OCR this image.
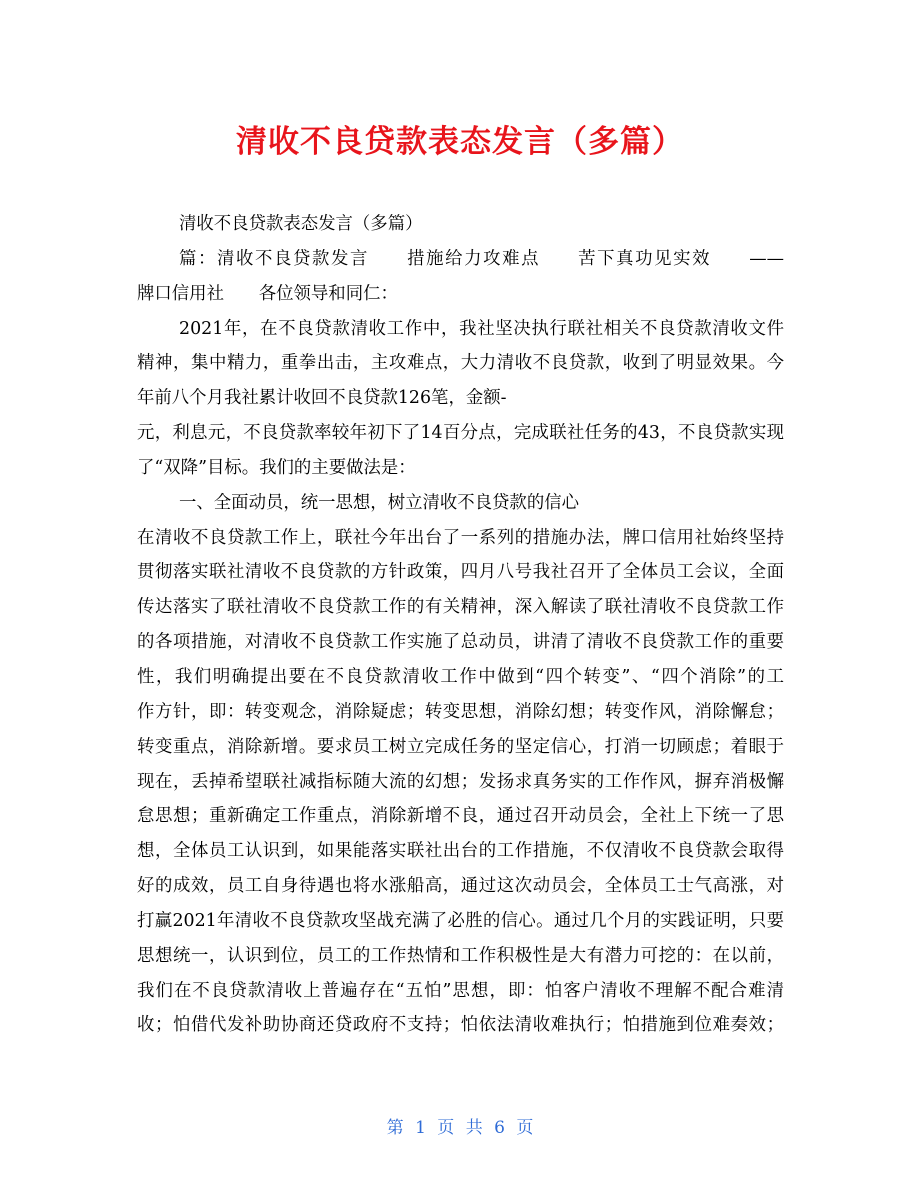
清收不良贷款表态发言（多篇）
清收不良贷款表态发言（多篇）
篇：清收不良贷款发言　　措施给力攻难点　　苦下真功见实效　　——
牌口信用社　　各位领导和同仁：
2021年，在不良贷款清收工作中，我社坚决执行联社相关不良贷款清收文件
精神，集中精力，重拳出击，主攻难点，大力清收不良贷款，收到了明显效果。今
年前八个月我社累计收回不良贷款126笔，金额-
元，利息元，不良贷款率较年初下了14百分点，完成联社任务的43，不良贷款实现
了“双降”目标。我们的主要做法是：
一、全面动员，统一思想，树立清收不良贷款的信心
在清收不良贷款工作上，联社今年出台了一系列的措施办法，牌口信用社始终坚持
贯彻落实联社清收不良贷款的方针政策，四月八号我社召开了全体员工会议，全面
传达落实了联社清收不良贷款工作的有关精神，深入解读了联社清收不良贷款工作
的各项措施，对清收不良贷款工作实施了总动员，讲清了清收不良贷款工作的重要
性，我们明确提出要在不良贷款清收工作中做到“四个转变”、“四个消除”的工
作方针，即：转变观念，消除疑虑；转变思想，消除幻想；转变作风，消除懈怠；
转变重点，消除新增。要求员工树立完成任务的坚定信心，打消一切顾虑；着眼于
现在，丢掉希望联社减指标随大流的幻想；发扬求真务实的工作作风，摒弃消极懈
怠思想；重新确定工作重点，消除新增不良，通过召开动员会，全社上下统一了思
想，全体员工认识到，如果能落实联社出台的工作措施，不仅清收不良贷款会取得
好的成效，员工自身待遇也将水涨船高，通过这次动员会，全体员工士气高涨，对
打赢2021年清收不良贷款攻坚战充满了必胜的信心。通过几个月的实践证明，只要
思想统一，认识到位，员工的工作热情和工作积极性是大有潜力可挖的：在以前，
我们在不良贷款清收上普遍存在“五怕”思想，即：怕客户清收不理解不配合难清
收；怕借代发补助协商还贷政府不支持；怕依法清收难执行；怕措施到位难奏效；
第 1 页 共 6 页
